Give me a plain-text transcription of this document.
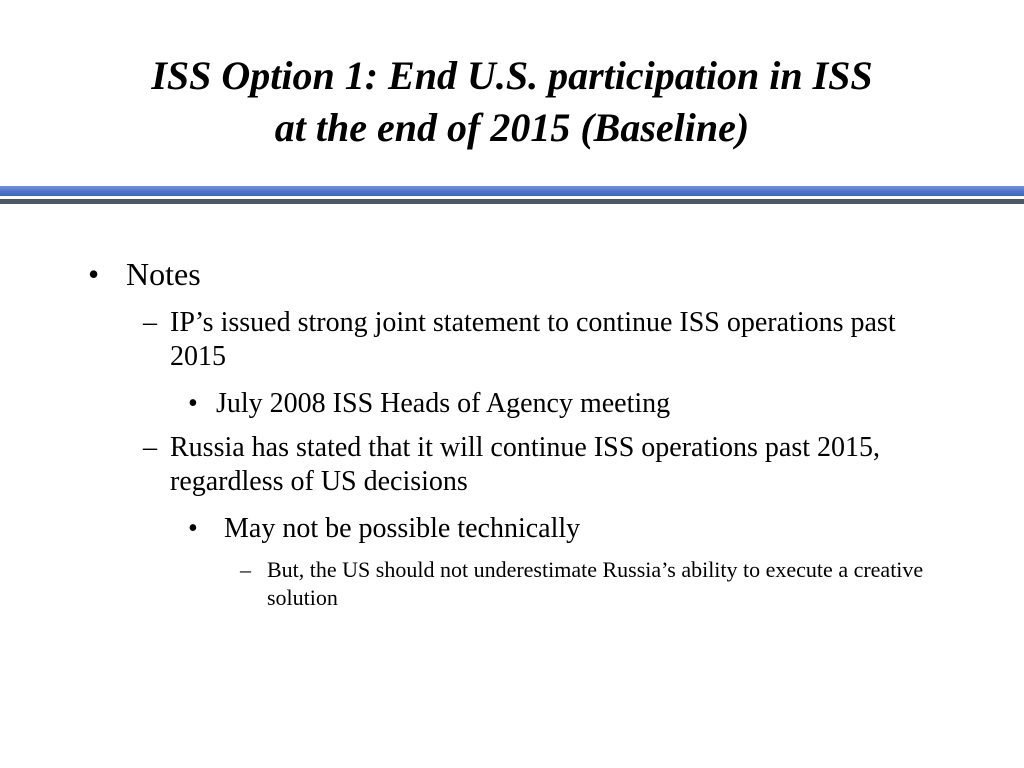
ISS Option 1: End U.S. participation in ISS
at the end of 2015 (Baseline)
• Notes
– IP’s issued strong joint statement to continue ISS operations past 2015
• July 2008 ISS Heads of Agency meeting
– Russia has stated that it will continue ISS operations past 2015, regardless of US decisions
• May not be possible technically
– But, the US should not underestimate Russia’s ability to execute a creative solution
